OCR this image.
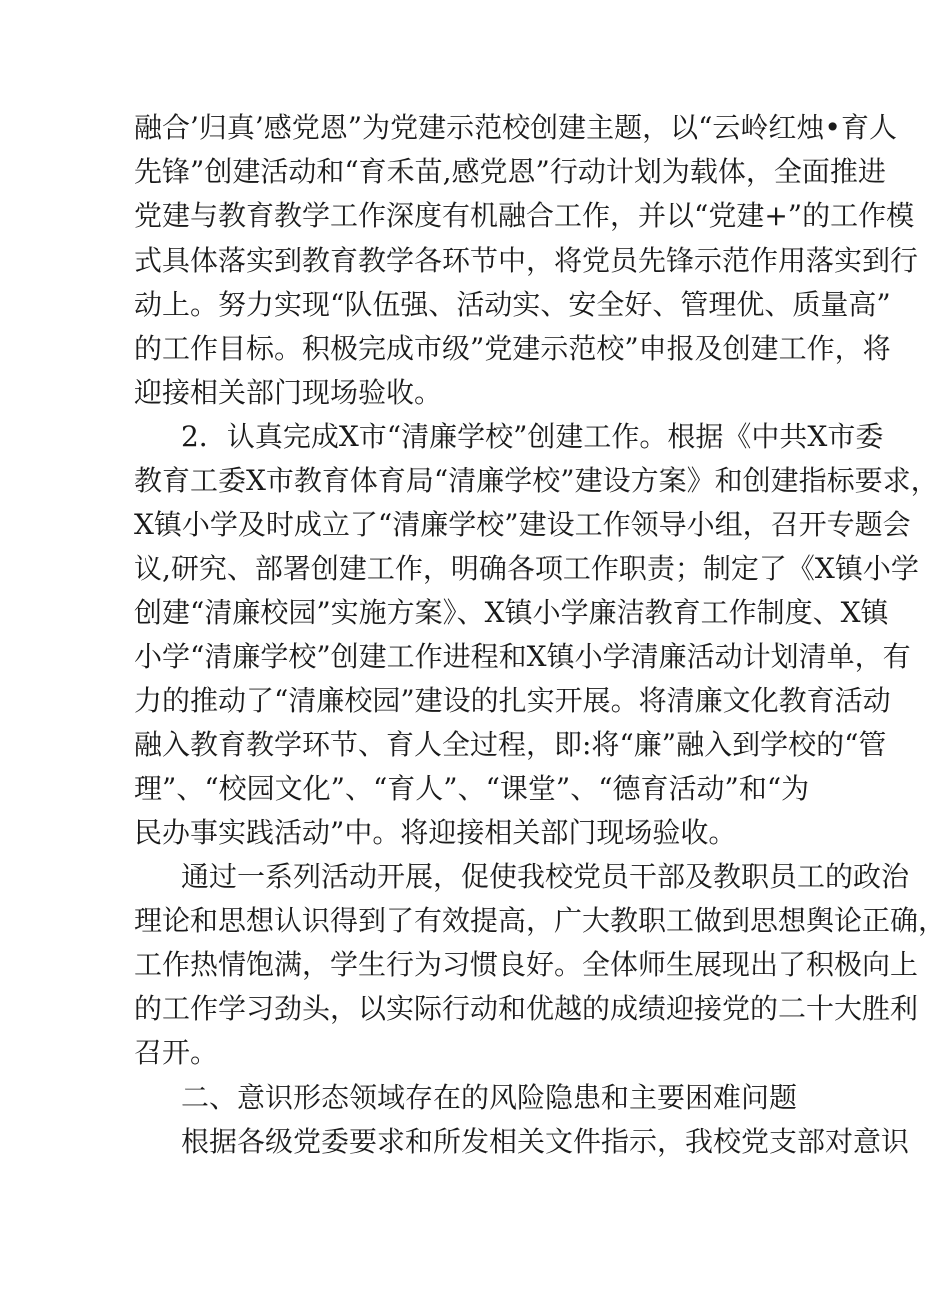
融合’归真’感党恩”为党建示范校创建主题，以“云岭红烛•育人
先锋”创建活动和“育禾苗,感党恩”行动计划为载体，全面推进
党建与教育教学工作深度有机融合工作，并以“党建+”的工作模
式具体落实到教育教学各环节中，将党员先锋示范作用落实到行
动上。努力实现“队伍强、活动实、安全好、管理优、质量高”
的工作目标。积极完成市级”党建示范校”申报及创建工作，将
迎接相关部门现场验收。
2．认真完成X市“清廉学校”创建工作。根据《中共X市委
教育工委X市教育体育局“清廉学校”建设方案》和创建指标要求，
X镇小学及时成立了“清廉学校”建设工作领导小组，召开专题会
议,研究、部署创建工作，明确各项工作职责；制定了《X镇小学
创建“清廉校园”实施方案》、X镇小学廉洁教育工作制度、X镇
小学“清廉学校”创建工作进程和X镇小学清廉活动计划清单，有
力的推动了“清廉校园”建设的扎实开展。将清廉文化教育活动
融入教育教学环节、育人全过程，即:将“廉”融入到学校的“管
理”、“校园文化”、“育人”、“课堂”、“德育活动”和“为
民办事实践活动”中。将迎接相关部门现场验收。
通过一系列活动开展，促使我校党员干部及教职员工的政治
理论和思想认识得到了有效提高，广大教职工做到思想舆论正确，
工作热情饱满，学生行为习惯良好。全体师生展现出了积极向上
的工作学习劲头，以实际行动和优越的成绩迎接党的二十大胜利
召开。
二、意识形态领域存在的风险隐患和主要困难问题
根据各级党委要求和所发相关文件指示，我校党支部对意识
